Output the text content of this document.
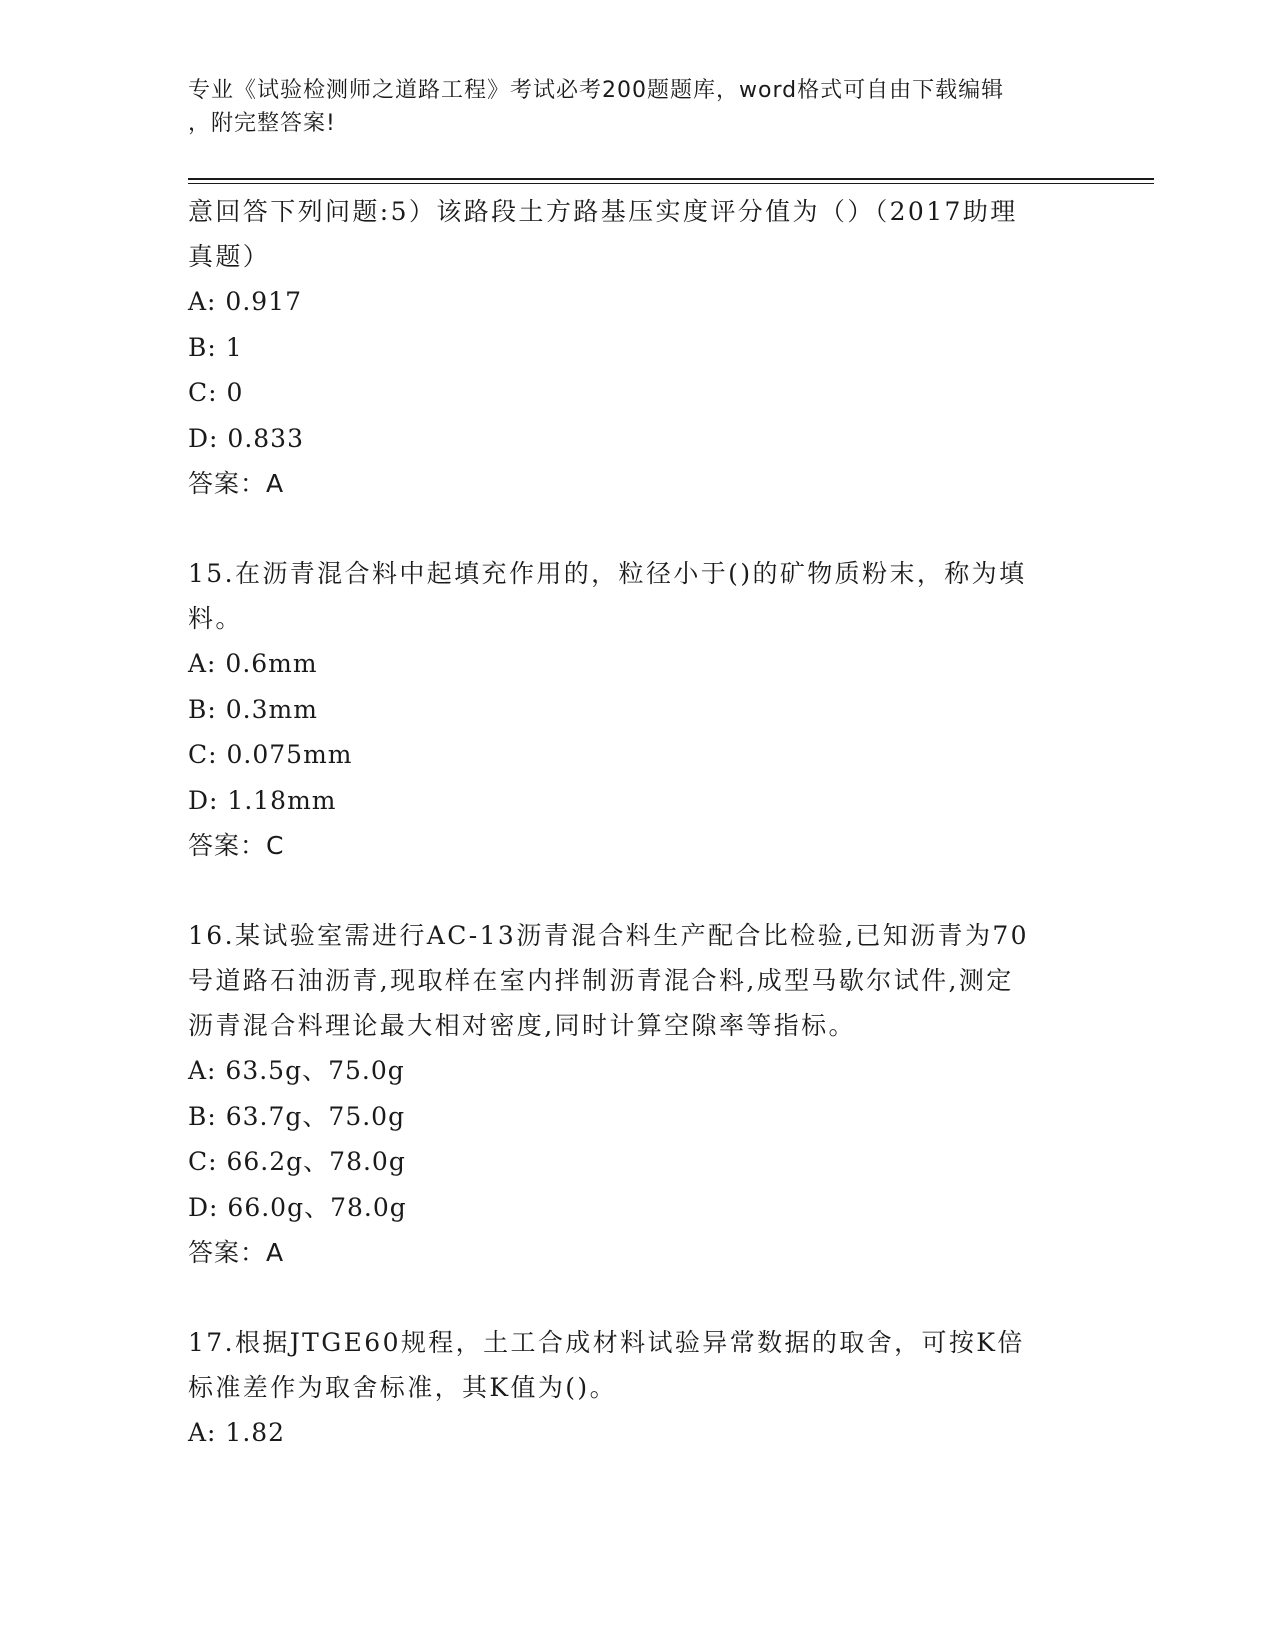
专业《试验检测师之道路工程》考试必考200题题库，word格式可自由下载编辑
，附完整答案!
意回答下列问题:5）该路段土方路基压实度评分值为（）（2017助理
真题）
A: 0.917
B: 1
C: 0
D: 0.833
答案：A
15.在沥青混合料中起填充作用的，粒径小于()的矿物质粉末，称为填
料。
A: 0.6mm
B: 0.3mm
C: 0.075mm
D: 1.18mm
答案：C
16.某试验室需进行AC-13沥青混合料生产配合比检验,已知沥青为70
号道路石油沥青,现取样在室内拌制沥青混合料,成型马歇尔试件,测定
沥青混合料理论最大相对密度,同时计算空隙率等指标。
A: 63.5g、75.0g
B: 63.7g、75.0g
C: 66.2g、78.0g
D: 66.0g、78.0g
答案：A
17.根据JTGE60规程，土工合成材料试验异常数据的取舍，可按K倍
标准差作为取舍标准，其K值为()。
A: 1.82
